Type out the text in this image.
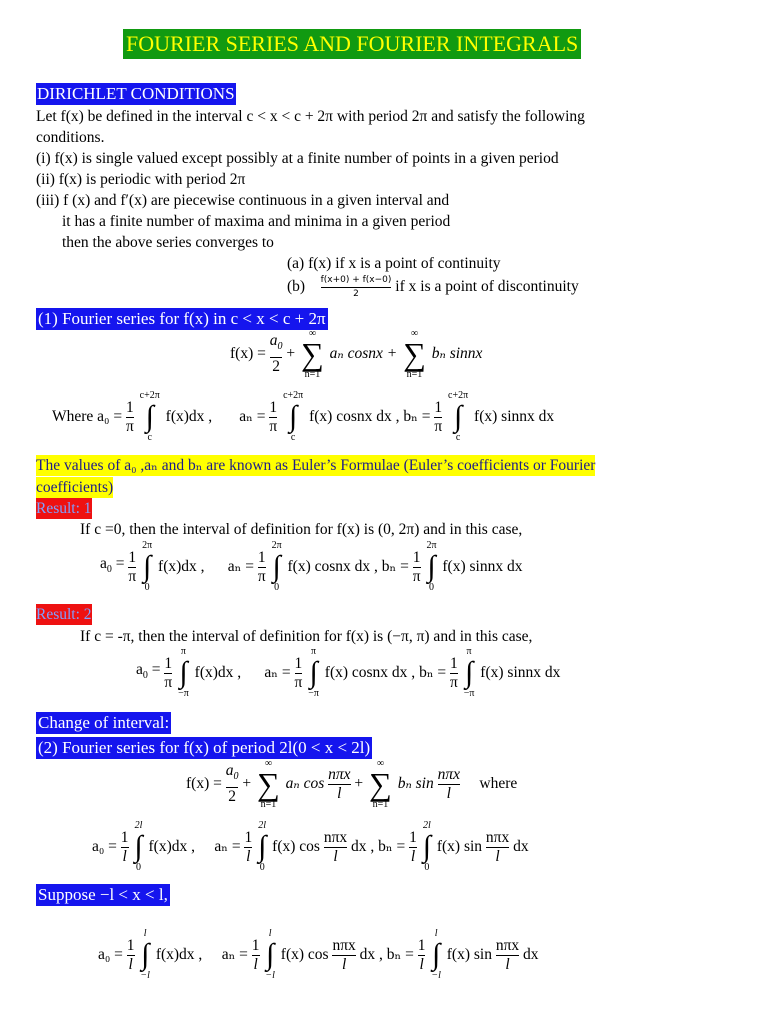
FOURIER SERIES AND FOURIER INTEGRALS
DIRICHLET CONDITIONS
Let f(x) be defined in the interval c < x < c + 2π with period 2π and satisfy the following
conditions.
(i) f(x) is single valued except possibly at a finite number of points in a given period
(ii) f(x) is periodic with period 2π
(iii) f (x) and f′(x) are piecewise continuous in a given interval and
it has a finite number of maxima and minima in a given period
then the above series converges to
(a) f(x) if x is a point of continuity
$(b) \frac{f(x+0) + f(x-0)}{2}$ if x is a point of discontinuity
(1) Fourier series for f(x) in c < x < c + 2π
$f(x) = \frac{a_0}{2}$ +
∞
∑
n=1
aₙ cosnx +
∞
∑
n=1
bₙ sinnx
Where $a_0 = \frac{1}{\pi}$

c+2π
∫
c
f(x)dx , $a_n = \frac{1}{\pi}$

c+2π
∫
c
f(x) cosnx dx , $b_n = \frac{1}{\pi}$

c+2π
∫
c
f(x) sinnx dx
The values of a₀ ,aₙ and bₙ are known as Euler’s Formulae (Euler’s coefficients or Fourier
coefficients)
Result: 1
If c =0, then the interval of definition for f(x) is (0, 2π) and in this case,
$a_0 = \frac{1}{\pi}$

2π
∫
0
f(x)dx , $a_n = \frac{1}{\pi}$

2π
∫
0
f(x) cosnx dx , $b_n = \frac{1}{\pi}$

2π
∫
0
f(x) sinnx dx
Result: 2
If c = -π, then the interval of definition for f(x) is (−π, π) and in this case,
$a_0 = \frac{1}{\pi}$

π
∫
−π
f(x)dx , $a_n = \frac{1}{\pi}$

π
∫
−π
f(x) cosnx dx , $b_n = \frac{1}{\pi}$

π
∫
−π
f(x) sinnx dx
Change of interval:
(2) Fourier series for f(x) of period 2l(0 < x < 2l)
$f(x) = \frac{a_0}{2}$ +
∞
∑
n=1
aₙ $\cos \frac{\text{nπx}}{l}$ +
∞
∑
n=1
bₙ $\sin \frac{\text{nπx}}{l}$ where
$a_0 = \frac{1}{l}$

2l
∫
0
f(x)dx , $a_n = \frac{1}{l}$

2l
∫
0
f(x) $\cos \frac{\text{nπx}}{l}$ dx , $b_n = \frac{1}{l}$

2l
∫
0
f(x) $\sin \frac{\text{nπx}}{l}$ dx
Suppose −l < x < l,
$a_0 = \frac{1}{l}$

l
∫
−l
f(x)dx , $a_n = \frac{1}{l}$

l
∫
−l
f(x) $\cos \frac{\text{nπx}}{l}$ dx , $b_n = \frac{1}{l}$

l
∫
−l
f(x) $\sin \frac{\text{nπx}}{l}$ dx
